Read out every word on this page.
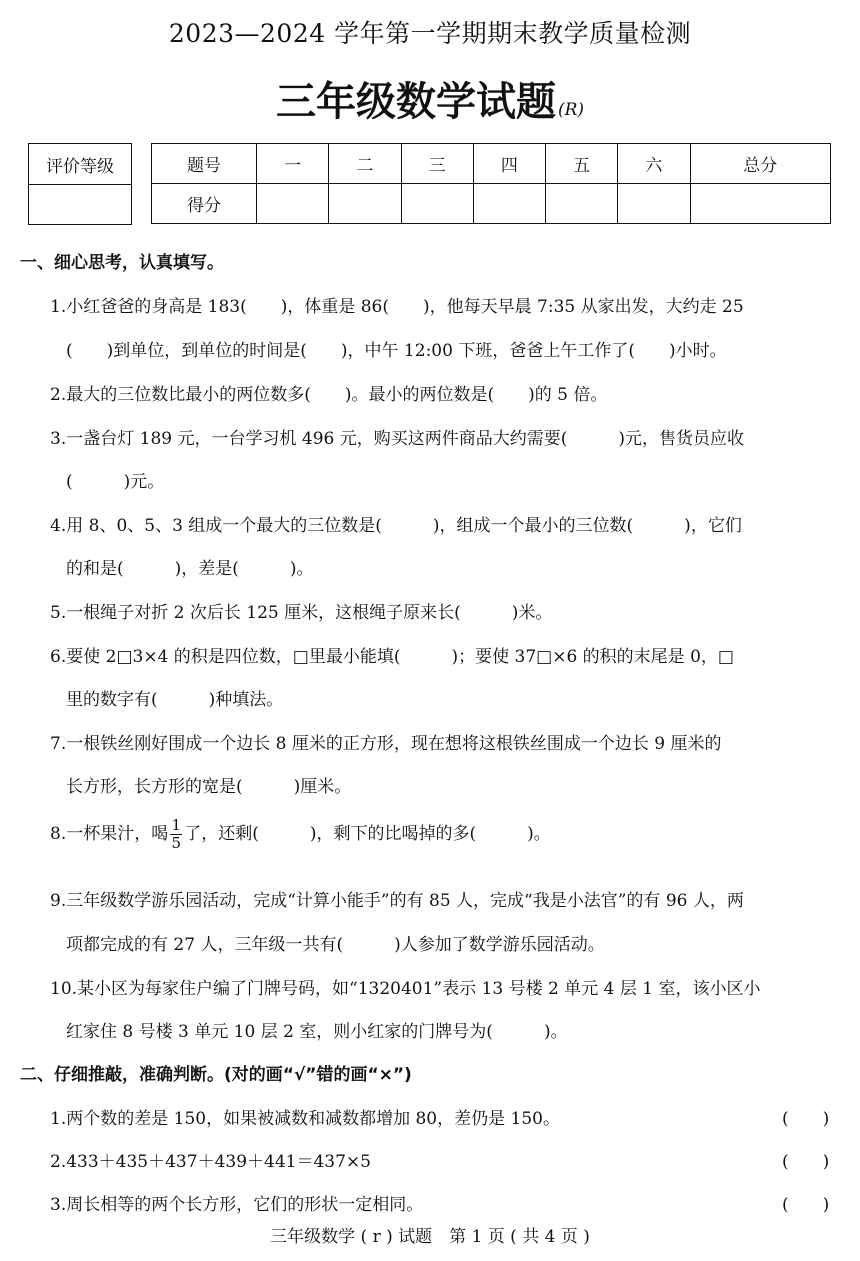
2023—2024 学年第一学期期末教学质量检测
三年级数学试题 (R)
评价等级	题号	一	二	三	四	五	六	总分
得分							
一、细心思考，认真填写。
1.小红爸爸的身高是 183(　　)，体重是 86(　　)，他每天早晨 7:35 从家出发，大约走 25
(　　)到单位，到单位的时间是(　　)，中午 12:00 下班，爸爸上午工作了(　　)小时。
2.最大的三位数比最小的两位数多(　　)。最小的两位数是(　　)的 5 倍。
3.一盏台灯 189 元，一台学习机 496 元，购买这两件商品大约需要(　　　)元，售货员应收
(　　　)元。
4.用 8、0、5、3 组成一个最大的三位数是(　　　)，组成一个最小的三位数(　　　)，它们
的和是(　　　)，差是(　　　)。
5.一根绳子对折 2 次后长 125 厘米，这根绳子原来长(　　　)米。
6.要使 2□3×4 的积是四位数，□里最小能填(　　　)；要使 37□×6 的积的末尾是 0，□
里的数字有(　　　)种填法。
7.一根铁丝刚好围成一个边长 8 厘米的正方形，现在想将这根铁丝围成一个边长 9 厘米的
长方形，长方形的宽是(　　　)厘米。
8.一杯果汁，喝 $\frac{1}{5}$ 了，还剩(　　　)，剩下的比喝掉的多(　　　)。
9.三年级数学游乐园活动，完成“计算小能手”的有 85 人，完成“我是小法官”的有 96 人，两
项都完成的有 27 人，三年级一共有(　　　)人参加了数学游乐园活动。
10.某小区为每家住户编了门牌号码，如“1320401”表示 13 号楼 2 单元 4 层 1 室，该小区小
红家住 8 号楼 3 单元 10 层 2 室，则小红家的门牌号为(　　　)。
二、仔细推敲，准确判断。(对的画“√”错的画“×”)
1.两个数的差是 150，如果被减数和减数都增加 80，差仍是 150。	(　　)
2.433＋435＋437＋439＋441＝437×5	(　　)
3.周长相等的两个长方形，它们的形状一定相同。	(　　)
三年级数学 ( r ) 试题　第 1 页 ( 共 4 页 )
